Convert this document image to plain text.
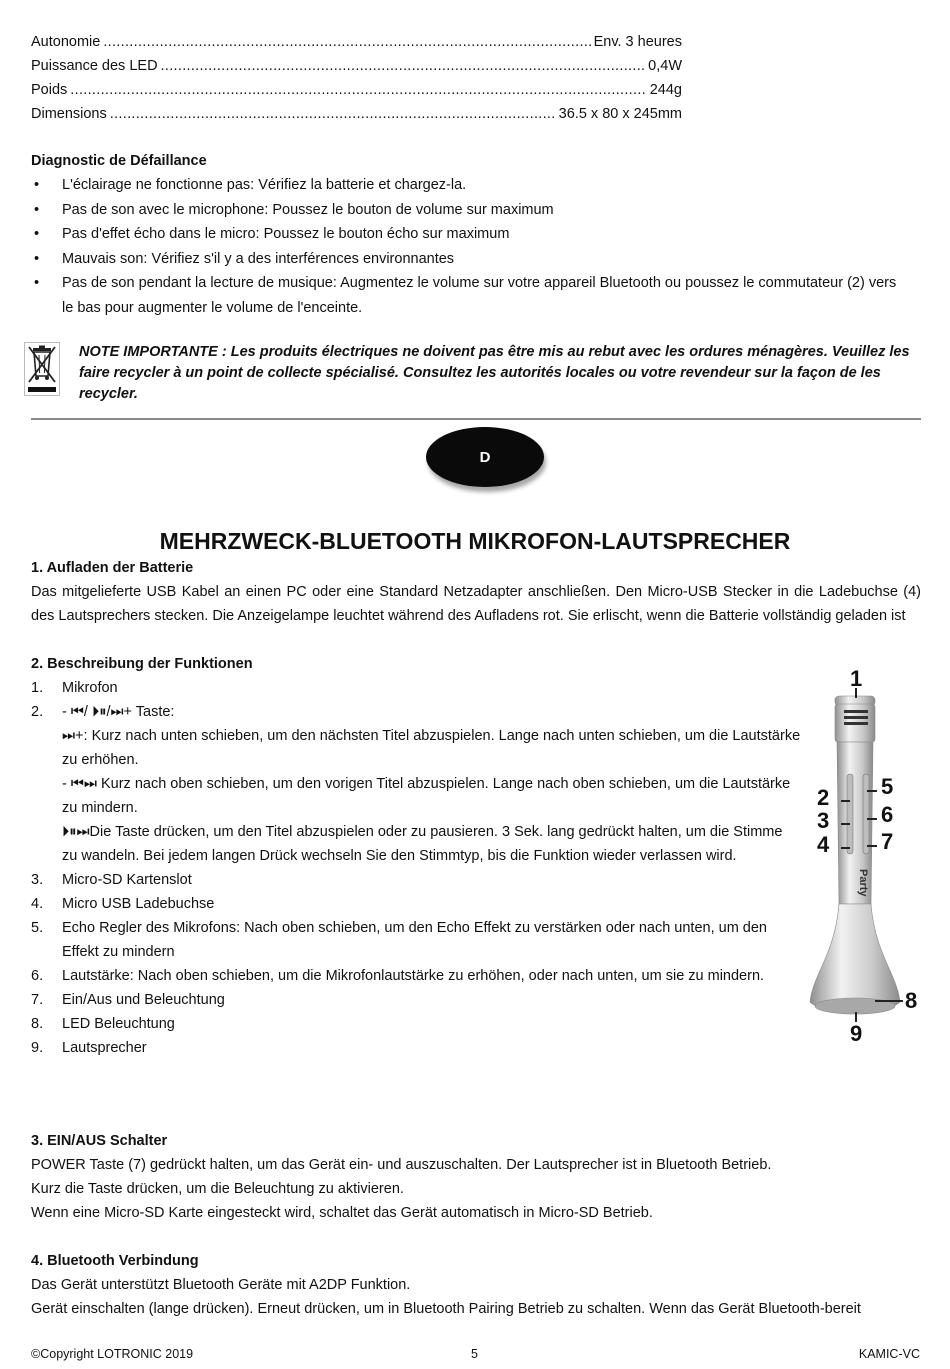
Autonomie .....	Env. 3 heures
Puissance des LED .....	0,4W
Poids .....	244g
Dimensions .....	36.5 x 80 x 245mm
Diagnostic de Défaillance
• L'éclairage ne fonctionne pas: Vérifiez la batterie et chargez-la.
• Pas de son avec le microphone: Poussez le bouton de volume sur maximum
• Pas d'effet écho dans le micro: Poussez le bouton écho sur maximum
• Mauvais son: Vérifiez s'il y a des interférences environnantes
• Pas de son pendant la lecture de musique: Augmentez le volume sur votre appareil Bluetooth ou poussez le commutateur (2) vers le bas pour augmenter le volume de l'enceinte.
NOTE IMPORTANTE : Les produits électriques ne doivent pas être mis au rebut avec les ordures ménagères. Veuillez les faire recycler à un point de collecte spécialisé. Consultez les autorités locales ou votre revendeur sur la façon de les recycler.
D
MEHRZWECK-BLUETOOTH MIKROFON-LAUTSPRECHER
1. Aufladen der Batterie
Das mitgelieferte USB Kabel an einen PC oder eine Standard Netzadapter anschließen. Den Micro-USB Stecker in die Ladebuchse (4) des Lautsprechers stecken. Die Anzeigelampe leuchtet während des Aufladens rot. Sie erlischt, wenn die Batterie vollständig geladen ist
2. Beschreibung der Funktionen
1. Mikrofon
2. - ⏮/ ⏵⏸/⏭+ Taste:
⏭+: Kurz nach unten schieben, um den nächsten Titel abzuspielen. Lange nach unten schieben, um die Lautstärke zu erhöhen.
- ⏮⏭ Kurz nach oben schieben, um den vorigen Titel abzuspielen. Lange nach oben schieben, um die Lautstärke zu mindern.
⏵⏸⏭Die Taste drücken, um den Titel abzuspielen oder zu pausieren. 3 Sek. lang gedrückt halten, um die Stimme zu wandeln. Bei jedem langen Drück wechseln Sie den Stimmtyp, bis die Funktion wieder verlassen wird.
3. Micro-SD Kartenslot
4. Micro USB Ladebuchse
5. Echo Regler des Mikrofons: Nach oben schieben, um den Echo Effekt zu verstärken oder nach unten, um den Effekt zu mindern
6. Lautstärke: Nach oben schieben, um die Mikrofonlautstärke zu erhöhen, oder nach unten, um sie zu mindern.
7. Ein/Aus und Beleuchtung
8. LED Beleuchtung
9. Lautsprecher
Party
1
2
3
4
5
6
7
8
9
3. EIN/AUS Schalter
POWER Taste (7) gedrückt halten, um das Gerät ein- und auszuschalten. Der Lautsprecher ist in Bluetooth Betrieb.
Kurz die Taste drücken, um die Beleuchtung zu aktivieren.
Wenn eine Micro-SD Karte eingesteckt wird, schaltet das Gerät automatisch in Micro-SD Betrieb.
4. Bluetooth Verbindung
Das Gerät unterstützt Bluetooth Geräte mit A2DP Funktion.
Gerät einschalten (lange drücken). Erneut drücken, um in Bluetooth Pairing Betrieb zu schalten. Wenn das Gerät Bluetooth-bereit
©Copyright LOTRONIC 2019	5	KAMIC-VC
